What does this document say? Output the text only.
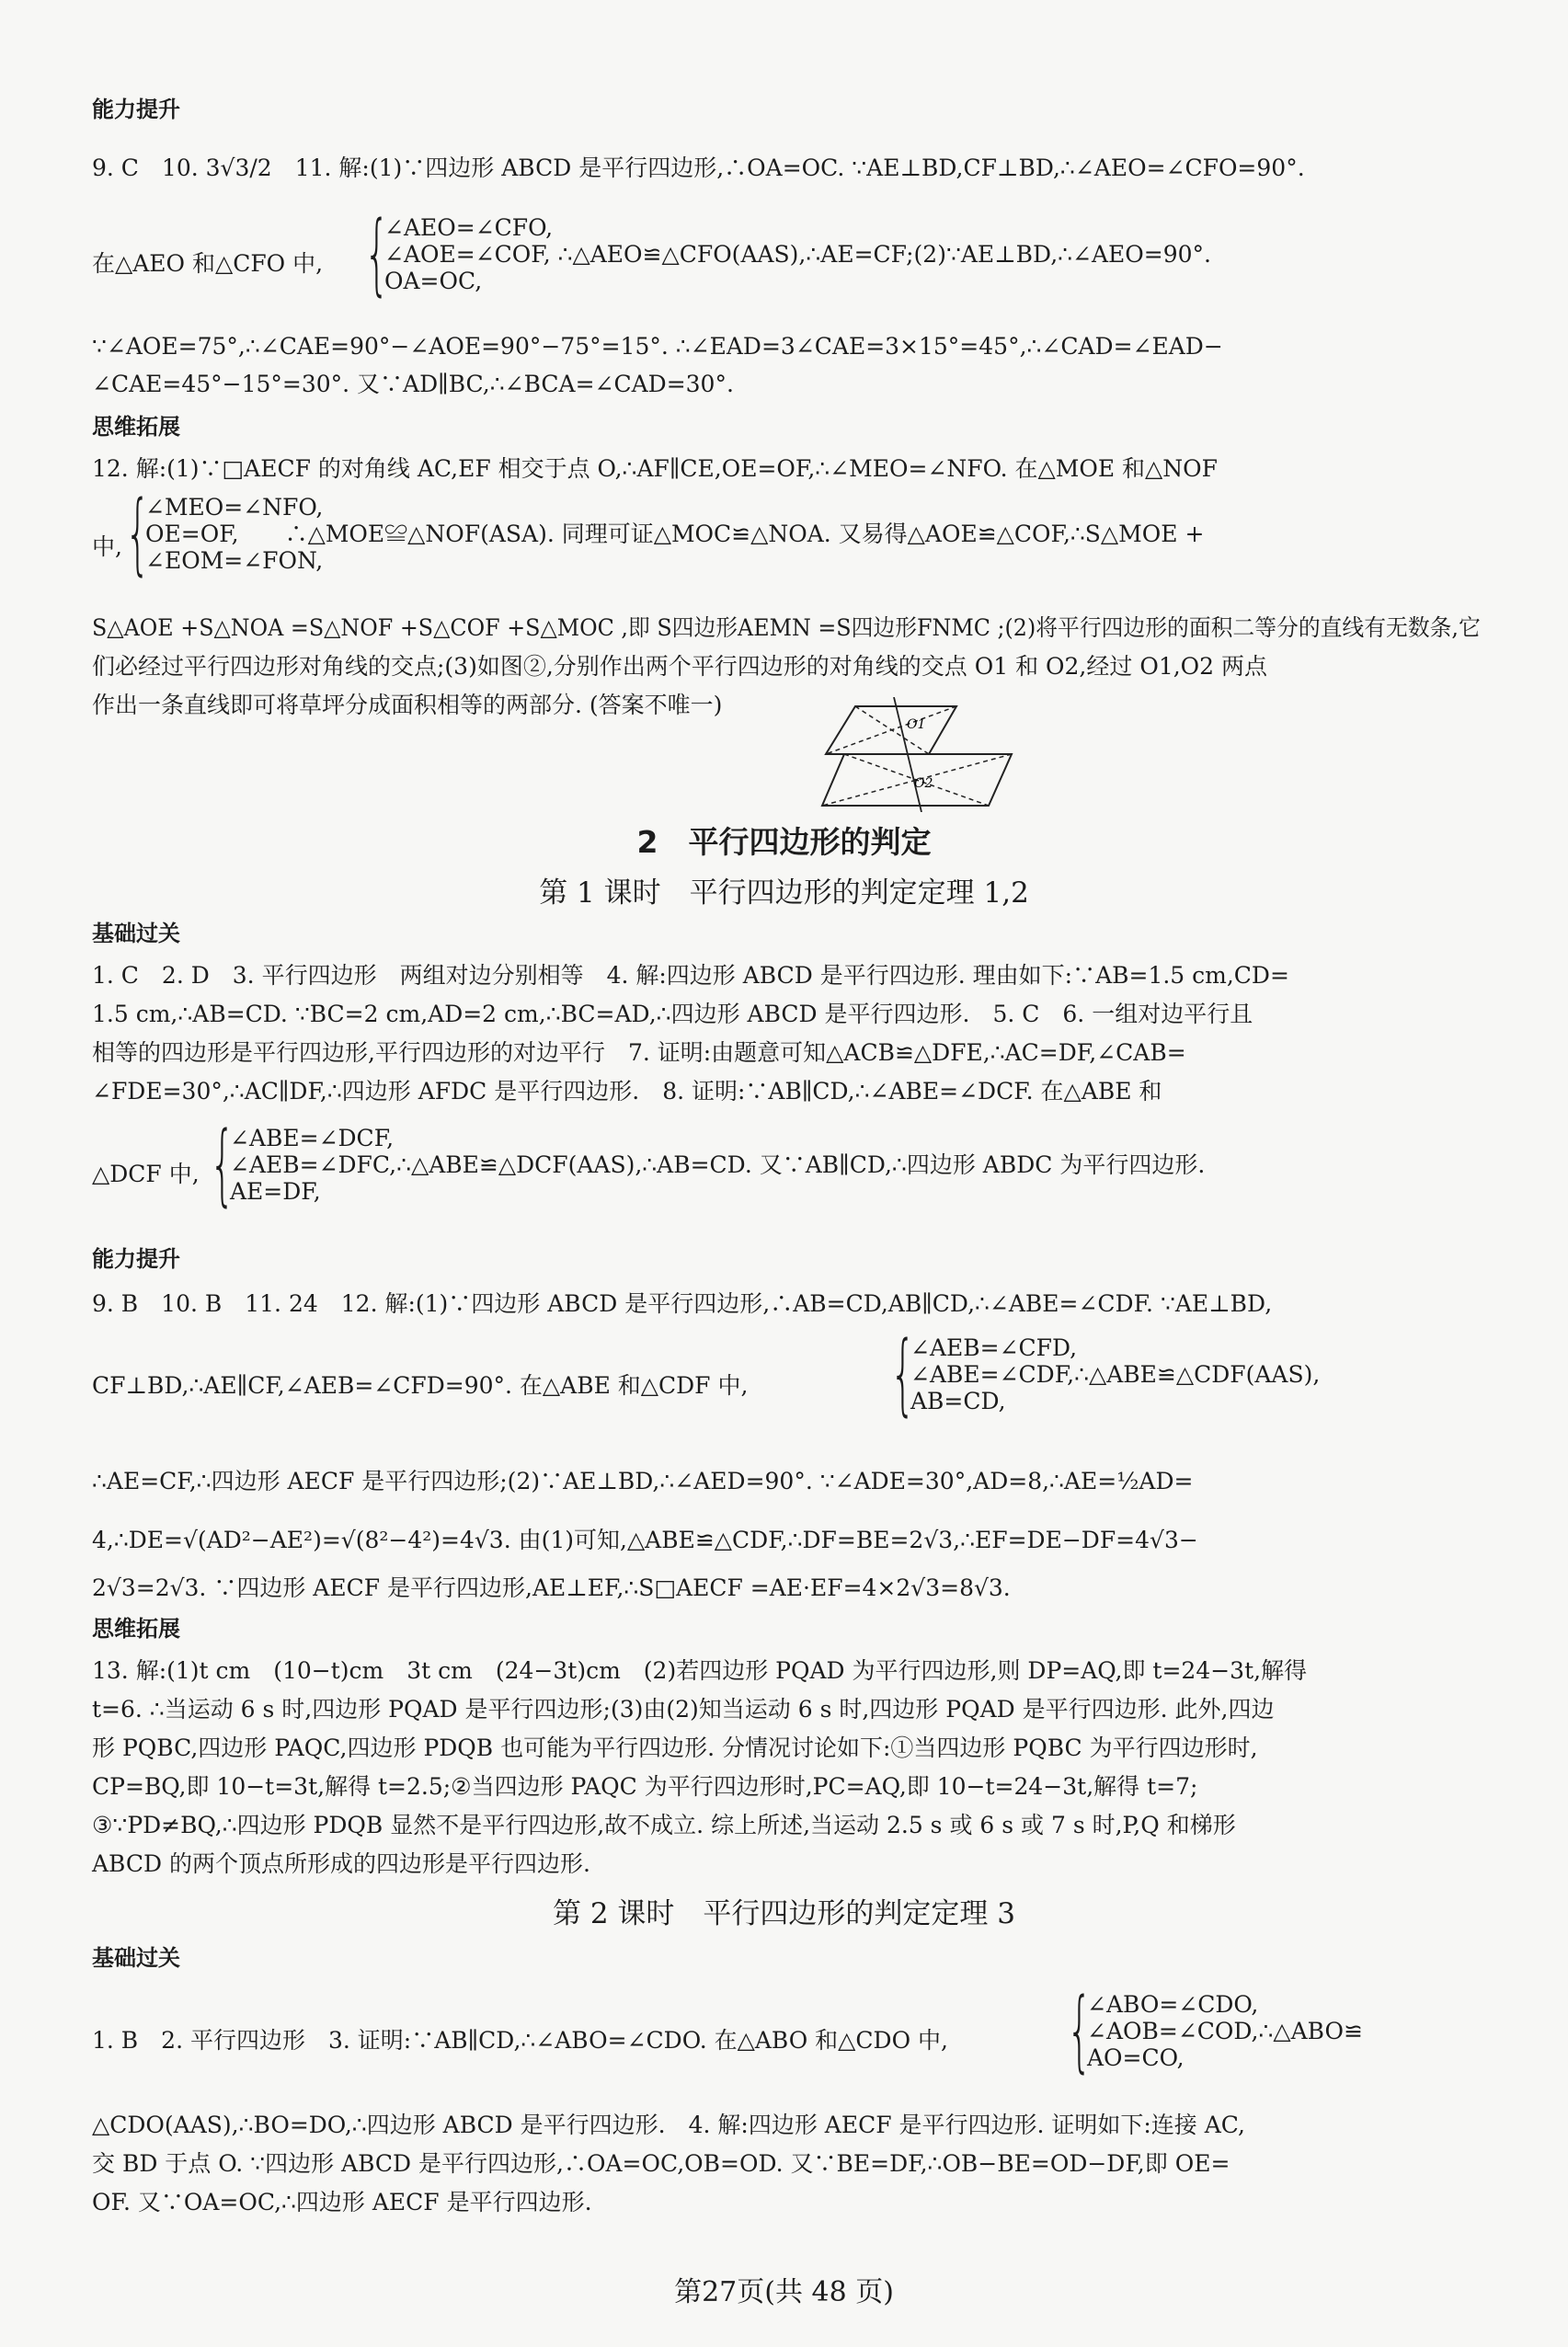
能力提升
9. C　10. 3√3/2　11. 解:(1)∵四边形 ABCD 是平行四边形,∴OA=OC. ∵AE⊥BD,CF⊥BD,∴∠AEO=∠CFO=90°.
在△AEO 和△CFO 中, {
∠AEO=∠CFO,
∠AOE=∠COF, ∴△AEO≌△CFO(AAS),∴AE=CF;(2)∵AE⊥BD,∴∠AEO=90°.
OA=OC,
∵∠AOE=75°,∴∠CAE=90°−∠AOE=90°−75°=15°. ∴∠EAD=3∠CAE=3×15°=45°,∴∠CAD=∠EAD−
∠CAE=45°−15°=30°. 又∵AD∥BC,∴∠BCA=∠CAD=30°.
思维拓展
12. 解:(1)∵□AECF 的对角线 AC,EF 相交于点 O,∴AF∥CE,OE=OF,∴∠MEO=∠NFO. 在△MOE 和△NOF
中, {
∠MEO=∠NFO,
OE=OF,　　∴△MOE≌△NOF(ASA). 同理可证△MOC≌△NOA. 又易得△AOE≌△COF,∴S△MOE +
∠EOM=∠FON,
S△AOE +S△NOA =S△NOF +S△COF +S△MOC ,即 S四边形AEMN =S四边形FNMC ;(2)将平行四边形的面积二等分的直线有无数条,它
们必经过平行四边形对角线的交点;(3)如图②,分别作出两个平行四边形的对角线的交点 O1 和 O2,经过 O1,O2 两点
作出一条直线即可将草坪分成面积相等的两部分. (答案不唯一)
O1
O2
2　平行四边形的判定
第 1 课时　平行四边形的判定定理 1,2
基础过关
1. C　2. D　3. 平行四边形　两组对边分别相等　4. 解:四边形 ABCD 是平行四边形. 理由如下:∵AB=1.5 cm,CD=
1.5 cm,∴AB=CD. ∵BC=2 cm,AD=2 cm,∴BC=AD,∴四边形 ABCD 是平行四边形.　5. C　6. 一组对边平行且
相等的四边形是平行四边形,平行四边形的对边平行　7. 证明:由题意可知△ACB≌△DFE,∴AC=DF,∠CAB=
∠FDE=30°,∴AC∥DF,∴四边形 AFDC 是平行四边形.　8. 证明:∵AB∥CD,∴∠ABE=∠DCF. 在△ABE 和
△DCF 中, {
∠ABE=∠DCF,
∠AEB=∠DFC,∴△ABE≌△DCF(AAS),∴AB=CD. 又∵AB∥CD,∴四边形 ABDC 为平行四边形.
AE=DF,
能力提升
9. B　10. B　11. 24　12. 解:(1)∵四边形 ABCD 是平行四边形,∴AB=CD,AB∥CD,∴∠ABE=∠CDF. ∵AE⊥BD,
CF⊥BD,∴AE∥CF,∠AEB=∠CFD=90°. 在△ABE 和△CDF 中, {
∠AEB=∠CFD,
∠ABE=∠CDF,∴△ABE≌△CDF(AAS),
AB=CD,
∴AE=CF,∴四边形 AECF 是平行四边形;(2)∵AE⊥BD,∴∠AED=90°. ∵∠ADE=30°,AD=8,∴AE=½AD=
4,∴DE=√(AD²−AE²)=√(8²−4²)=4√3. 由(1)可知,△ABE≌△CDF,∴DF=BE=2√3,∴EF=DE−DF=4√3−
2√3=2√3. ∵四边形 AECF 是平行四边形,AE⊥EF,∴S□AECF =AE·EF=4×2√3=8√3.
思维拓展
13. 解:(1)t cm　(10−t)cm　3t cm　(24−3t)cm　(2)若四边形 PQAD 为平行四边形,则 DP=AQ,即 t=24−3t,解得
t=6. ∴当运动 6 s 时,四边形 PQAD 是平行四边形;(3)由(2)知当运动 6 s 时,四边形 PQAD 是平行四边形. 此外,四边
形 PQBC,四边形 PAQC,四边形 PDQB 也可能为平行四边形. 分情况讨论如下:①当四边形 PQBC 为平行四边形时,
CP=BQ,即 10−t=3t,解得 t=2.5;②当四边形 PAQC 为平行四边形时,PC=AQ,即 10−t=24−3t,解得 t=7;
③∵PD≠BQ,∴四边形 PDQB 显然不是平行四边形,故不成立. 综上所述,当运动 2.5 s 或 6 s 或 7 s 时,P,Q 和梯形
ABCD 的两个顶点所形成的四边形是平行四边形.
第 2 课时　平行四边形的判定定理 3
基础过关
1. B　2. 平行四边形　3. 证明:∵AB∥CD,∴∠ABO=∠CDO. 在△ABO 和△CDO 中, {
∠ABO=∠CDO,
∠AOB=∠COD,∴△ABO≌
AO=CO,
△CDO(AAS),∴BO=DO,∴四边形 ABCD 是平行四边形.　4. 解:四边形 AECF 是平行四边形. 证明如下:连接 AC,
交 BD 于点 O. ∵四边形 ABCD 是平行四边形,∴OA=OC,OB=OD. 又∵BE=DF,∴OB−BE=OD−DF,即 OE=
OF. 又∵OA=OC,∴四边形 AECF 是平行四边形.
第27页(共 48 页)
